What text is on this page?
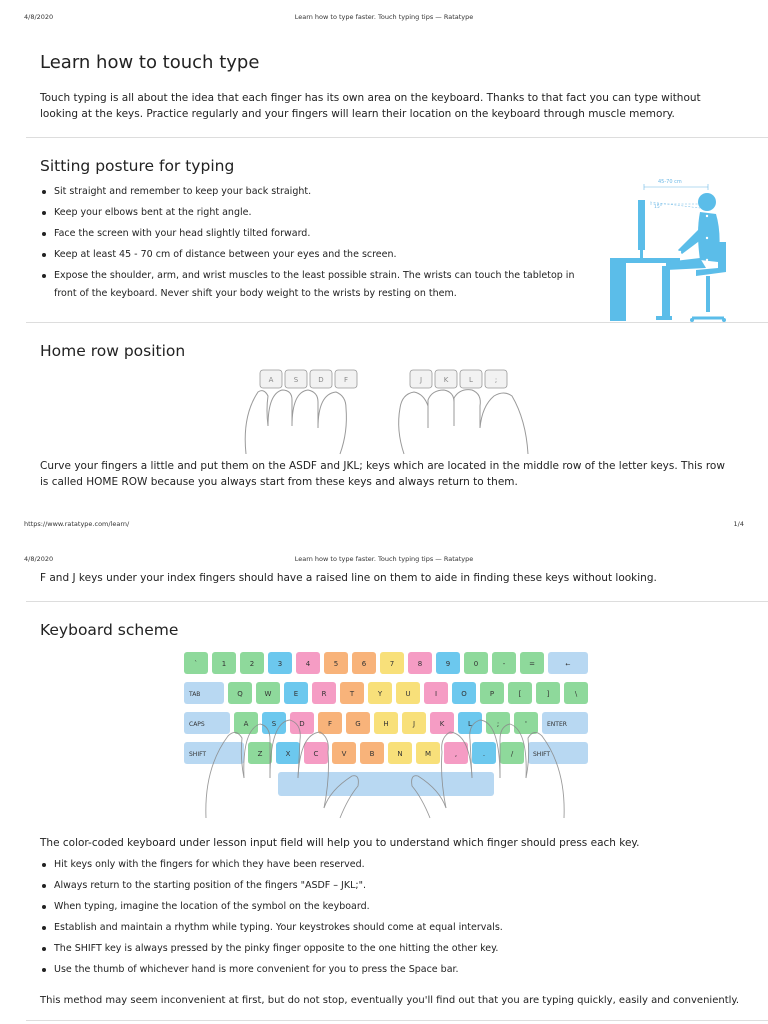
4/8/2020	Learn how to type faster. Touch typing tips — Ratatype
Learn how to touch type

Touch typing is all about the idea that each finger has its own area on the keyboard. Thanks to that fact you can type without looking at the keys. Practice regularly and your fingers will learn their location on the keyboard through muscle memory.

Sitting posture for typing
Sit straight and remember to keep your back straight.
Keep your elbows bent at the right angle.
Face the screen with your head slightly tilted forward.
Keep at least 45 - 70 cm of distance between your eyes and the screen.
Expose the shoulder, arm, and wrist muscles to the least possible strain. The wrists can touch the tabletop in front of the keyboard. Never shift your body weight to the wrists by resting on them.
45-70 cm
15°
Home row position
A	S	D	F	J	K	L	;

Curve your fingers a little and put them on the ASDF and JKL; keys which are located in the middle row of the letter keys. This row is called HOME ROW because you always start from these keys and always return to them.

https://www.ratatype.com/learn/	1/4
4/8/2020	Learn how to type faster. Touch typing tips — Ratatype

F and J keys under your index fingers should have a raised line on them to aide in finding these keys without looking.

Keyboard scheme
`	1	2	3	4	5	6	7	8	9	0	-	=	←
TAB	Q	W	E	R	T	Y	U	I	O	P	[	]	\
CAPS	A	S	D	F	G	H	J	K	L	;	'	ENTER
SHIFT	Z	X	C	V	B	N	M	,	.	/	SHIFT

The color-coded keyboard under lesson input field will help you to understand which finger should press each key.

Hit keys only with the fingers for which they have been reserved.
Always return to the starting position of the fingers "ASDF – JKL;".
When typing, imagine the location of the symbol on the keyboard.
Establish and maintain a rhythm while typing. Your keystrokes should come at equal intervals.
The SHIFT key is always pressed by the pinky finger opposite to the one hitting the other key.
Use the thumb of whichever hand is more convenient for you to press the Space bar.

This method may seem inconvenient at first, but do not stop, eventually you'll find out that you are typing quickly, easily and conveniently.
